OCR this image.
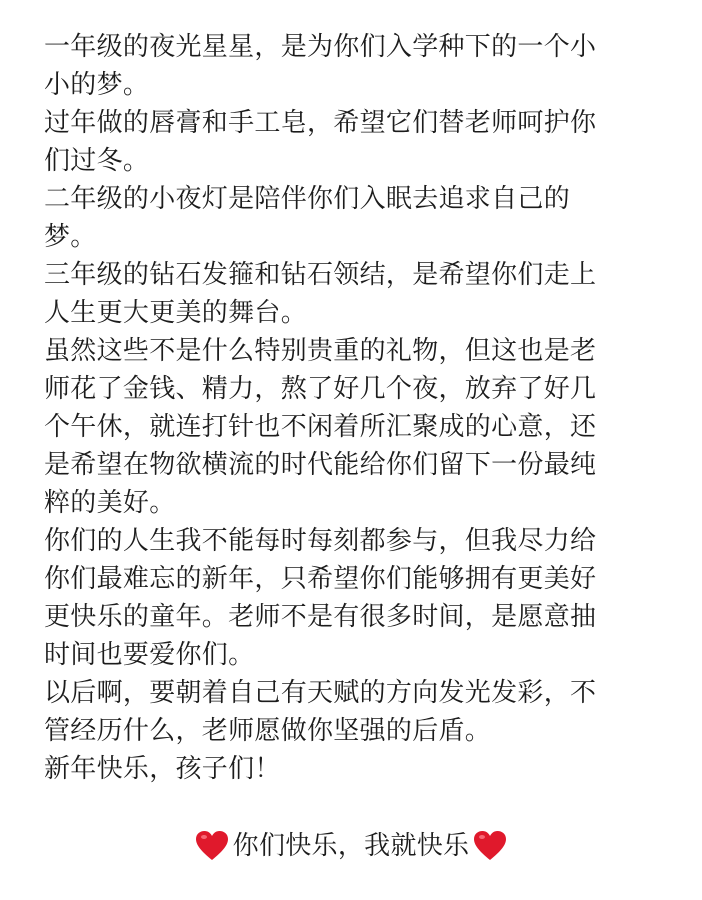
一年级的夜光星星，是为你们入学种下的一个小
小的梦。
过年做的唇膏和手工皂，希望它们替老师呵护你
们过冬。
二年级的小夜灯是陪伴你们入眠去追求自己的
梦。
三年级的钻石发箍和钻石领结，是希望你们走上
人生更大更美的舞台。
虽然这些不是什么特别贵重的礼物，但这也是老
师花了金钱、精力，熬了好几个夜，放弃了好几
个午休，就连打针也不闲着所汇聚成的心意，还
是希望在物欲横流的时代能给你们留下一份最纯
粹的美好。
你们的人生我不能每时每刻都参与，但我尽力给
你们最难忘的新年，只希望你们能够拥有更美好
更快乐的童年。老师不是有很多时间，是愿意抽
时间也要爱你们。
以后啊，要朝着自己有天赋的方向发光发彩，不
管经历什么，老师愿做你坚强的后盾。
新年快乐，孩子们！
你们快乐，我就快乐
